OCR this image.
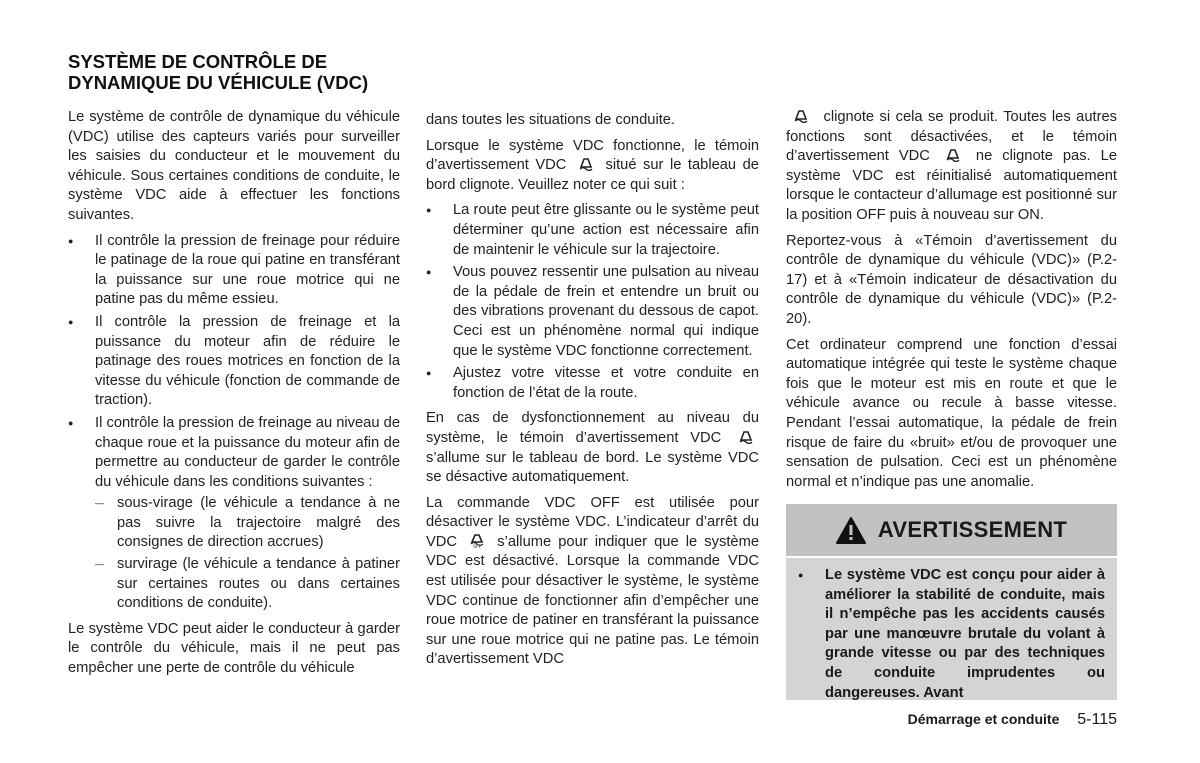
SYSTÈME DE CONTRÔLE DE
DYNAMIQUE DU VÉHICULE (VDC)

Le système de contrôle de dynamique du véhicule (VDC) utilise des capteurs variés pour surveiller les saisies du conducteur et le mouvement du véhicule. Sous certaines conditions de conduite, le système VDC aide à effectuer les fonctions suivantes.

● Il contrôle la pression de freinage pour réduire le patinage de la roue qui patine en transférant la puissance sur une roue motrice qui ne patine pas du même essieu.
● Il contrôle la pression de freinage et la puissance du moteur afin de réduire le patinage des roues motrices en fonction de la vitesse du véhicule (fonction de commande de traction).
● Il contrôle la pression de freinage au niveau de chaque roue et la puissance du moteur afin de permettre au conducteur de garder le contrôle du véhicule dans les conditions suivantes :
— sous-virage (le véhicule a tendance à ne pas suivre la trajectoire malgré des consignes de direction accrues)
— survirage (le véhicule a tendance à patiner sur certaines routes ou dans certaines conditions de conduite).

Le système VDC peut aider le conducteur à garder le contrôle du véhicule, mais il ne peut pas empêcher une perte de contrôle du véhicule

dans toutes les situations de conduite.

Lorsque le système VDC fonctionne, le témoin d’avertissement VDC	situé sur le tableau de bord clignote. Veuillez noter ce qui suit :

● La route peut être glissante ou le système peut déterminer qu’une action est nécessaire afin de maintenir le véhicule sur la trajectoire.
● Vous pouvez ressentir une pulsation au niveau de la pédale de frein et entendre un bruit ou des vibrations provenant du dessous de capot. Ceci est un phénomène normal qui indique que le système VDC fonctionne correctement.
● Ajustez votre vitesse et votre conduite en fonction de l’état de la route.

En cas de dysfonctionnement au niveau du système, le témoin d’avertissement VDC  s’allume sur le tableau de bord. Le système VDC se désactive automatiquement.

La commande VDC OFF est utilisée pour désactiver le système VDC. L’indicateur d’arrêt du VDC	OFF s’allume pour indiquer que le système VDC est désactivé. Lorsque la commande VDC est utilisée pour désactiver le système, le système VDC continue de fonctionner afin d’empêcher une roue motrice de patiner en transférant la puissance sur une roue motrice qui ne patine pas. Le témoin d’avertissement VDC

clignote si cela se produit. Toutes les autres fonctions sont désactivées, et le témoin d’avertissement VDC	ne clignote pas. Le système VDC est réinitialisé automatiquement lorsque le contacteur d’allumage est positionné sur la position OFF puis à nouveau sur ON.

Reportez-vous à «Témoin d’avertissement du contrôle de dynamique du véhicule (VDC)» (P.2-17) et à «Témoin indicateur de désactivation du contrôle de dynamique du véhicule (VDC)» (P.2-20).

Cet ordinateur comprend une fonction d’essai automatique intégrée qui teste le système chaque fois que le moteur est mis en route et que le véhicule avance ou recule à basse vitesse. Pendant l’essai automatique, la pédale de frein risque de faire du «bruit» et/ou de provoquer une sensation de pulsation. Ceci est un phénomène normal et n’indique pas une anomalie.

AVERTISSEMENT
● Le système VDC est conçu pour aider à améliorer la stabilité de conduite, mais il n’empêche pas les accidents causés par une manœuvre brutale du volant à grande vitesse ou par des techniques de conduite imprudentes ou dangereuses. Avant
Démarrage et conduite 5-115
